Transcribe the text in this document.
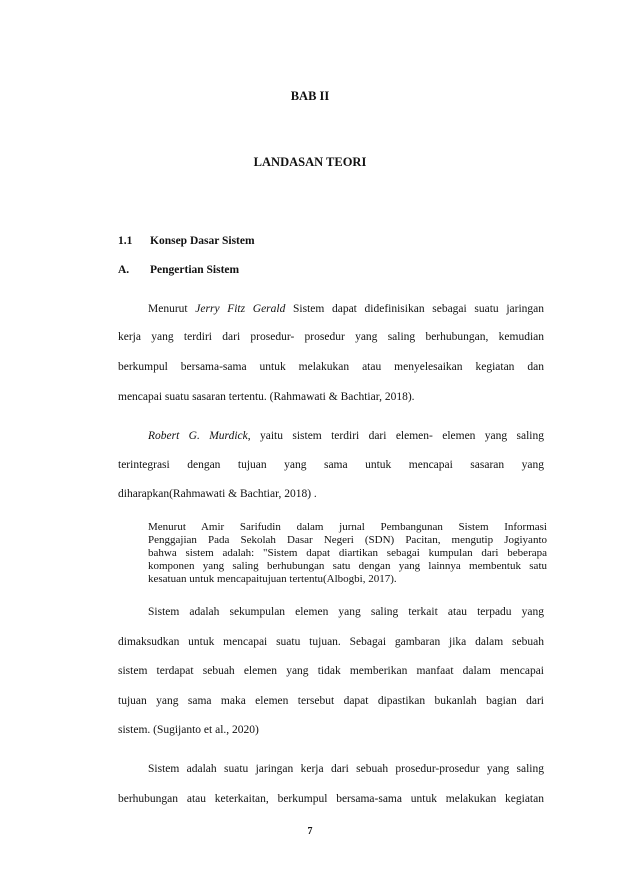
BAB II
LANDASAN TEORI
1.1 Konsep Dasar Sistem
A. Pengertian Sistem
Menurut Jerry Fitz Gerald Sistem dapat didefinisikan sebagai suatu jaringan
kerja yang terdiri dari prosedur- prosedur yang saling berhubungan, kemudian
berkumpul bersama-sama untuk melakukan atau menyelesaikan kegiatan dan
mencapai suatu sasaran tertentu. (Rahmawati & Bachtiar, 2018).
Robert G. Murdick, yaitu sistem terdiri dari elemen- elemen yang saling
terintegrasi dengan tujuan yang sama untuk mencapai sasaran yang
diharapkan(Rahmawati & Bachtiar, 2018) .
Menurut Amir Sarifudin dalam jurnal Pembangunan Sistem Informasi
Penggajian Pada Sekolah Dasar Negeri (SDN) Pacitan, mengutip Jogiyanto
bahwa sistem adalah: "Sistem dapat diartikan sebagai kumpulan dari beberapa
komponen yang saling berhubungan satu dengan yang lainnya membentuk satu
kesatuan untuk mencapaitujuan tertentu(Albogbi, 2017).
Sistem adalah sekumpulan elemen yang saling terkait atau terpadu yang
dimaksudkan untuk mencapai suatu tujuan. Sebagai gambaran jika dalam sebuah
sistem terdapat sebuah elemen yang tidak memberikan manfaat dalam mencapai
tujuan yang sama maka elemen tersebut dapat dipastikan bukanlah bagian dari
sistem. (Sugijanto et al., 2020)
Sistem adalah suatu jaringan kerja dari sebuah prosedur-prosedur yang saling
berhubungan atau keterkaitan, berkumpul bersama-sama untuk melakukan kegiatan
7
